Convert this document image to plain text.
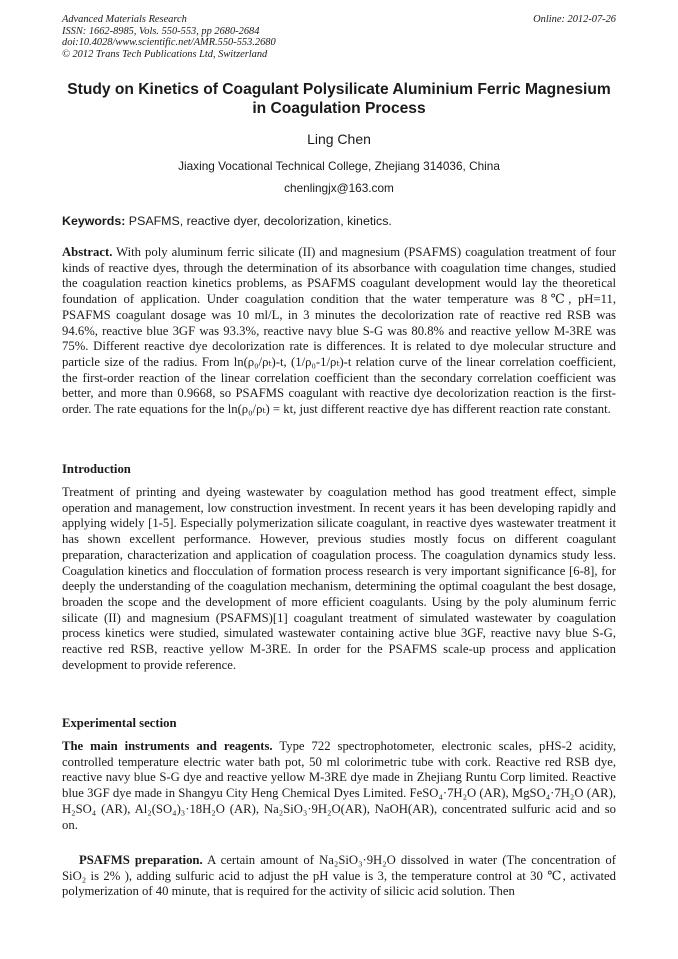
Advanced Materials Research
ISSN: 1662-8985, Vols. 550-553, pp 2680-2684
doi:10.4028/www.scientific.net/AMR.550-553.2680
© 2012 Trans Tech Publications Ltd, Switzerland
Online: 2012-07-26
Study on Kinetics of Coagulant Polysilicate Aluminium Ferric Magnesium in Coagulation Process
Ling Chen
Jiaxing Vocational Technical College, Zhejiang 314036, China
chenlingjx@163.com
Keywords: PSAFMS, reactive dyer, decolorization, kinetics.
Abstract. With poly aluminum ferric silicate (II) and magnesium (PSAFMS) coagulation treatment of four kinds of reactive dyes, through the determination of its absorbance with coagulation time changes, studied the coagulation reaction kinetics problems, as PSAFMS coagulant development would lay the theoretical foundation of application. Under coagulation condition that the water temperature was 8℃, pH=11, PSAFMS coagulant dosage was 10 ml/L, in 3 minutes the decolorization rate of reactive red RSB was 94.6%, reactive blue 3GF was 93.3%, reactive navy blue S-G was 80.8% and reactive yellow M-3RE was 75%. Different reactive dye decolorization rate is differences. It is related to dye molecular structure and particle size of the radius. From ln(ρ₀/ρₜ)-t, (1/ρ₀-1/ρₜ)-t relation curve of the linear correlation coefficient, the first-order reaction of the linear correlation coefficient than the secondary correlation coefficient was better, and more than 0.9668, so PSAFMS coagulant with reactive dye decolorization reaction is the first-order. The rate equations for the ln(ρ₀/ρₜ) = kt, just different reactive dye has different reaction rate constant.
Introduction
Treatment of printing and dyeing wastewater by coagulation method has good treatment effect, simple operation and management, low construction investment. In recent years it has been developing rapidly and applying widely [1-5]. Especially polymerization silicate coagulant, in reactive dyes wastewater treatment it has shown excellent performance. However, previous studies mostly focus on different coagulant preparation, characterization and application of coagulation process. The coagulation dynamics study less. Coagulation kinetics and flocculation of formation process research is very important significance [6-8], for deeply the understanding of the coagulation mechanism, determining the optimal coagulant the best dosage, broaden the scope and the development of more efficient coagulants. Using by the poly aluminum ferric silicate (II) and magnesium (PSAFMS)[1] coagulant treatment of simulated wastewater by coagulation process kinetics were studied, simulated wastewater containing active blue 3GF, reactive navy blue S-G, reactive red RSB, reactive yellow M-3RE. In order for the PSAFMS scale-up process and application development to provide reference.
Experimental section
The main instruments and reagents. Type 722 spectrophotometer, electronic scales, pHS-2 acidity, controlled temperature electric water bath pot, 50 ml colorimetric tube with cork. Reactive red RSB dye, reactive navy blue S-G dye and reactive yellow M-3RE dye made in Zhejiang Runtu Corp limited. Reactive blue 3GF dye made in Shangyu City Heng Chemical Dyes Limited. FeSO₄·7H₂O (AR), MgSO₄·7H₂O (AR), H₂SO₄ (AR), Al₂(SO₄)₃·18H₂O (AR), Na₂SiO₃·9H₂O(AR), NaOH(AR), concentrated sulfuric acid and so on.
PSAFMS preparation. A certain amount of Na₂SiO₃·9H₂O dissolved in water (The concentration of SiO₂ is 2% ), adding sulfuric acid to adjust the pH value is 3, the temperature control at 30 ℃, activated polymerization of 40 minute, that is required for the activity of silicic acid solution. Then
